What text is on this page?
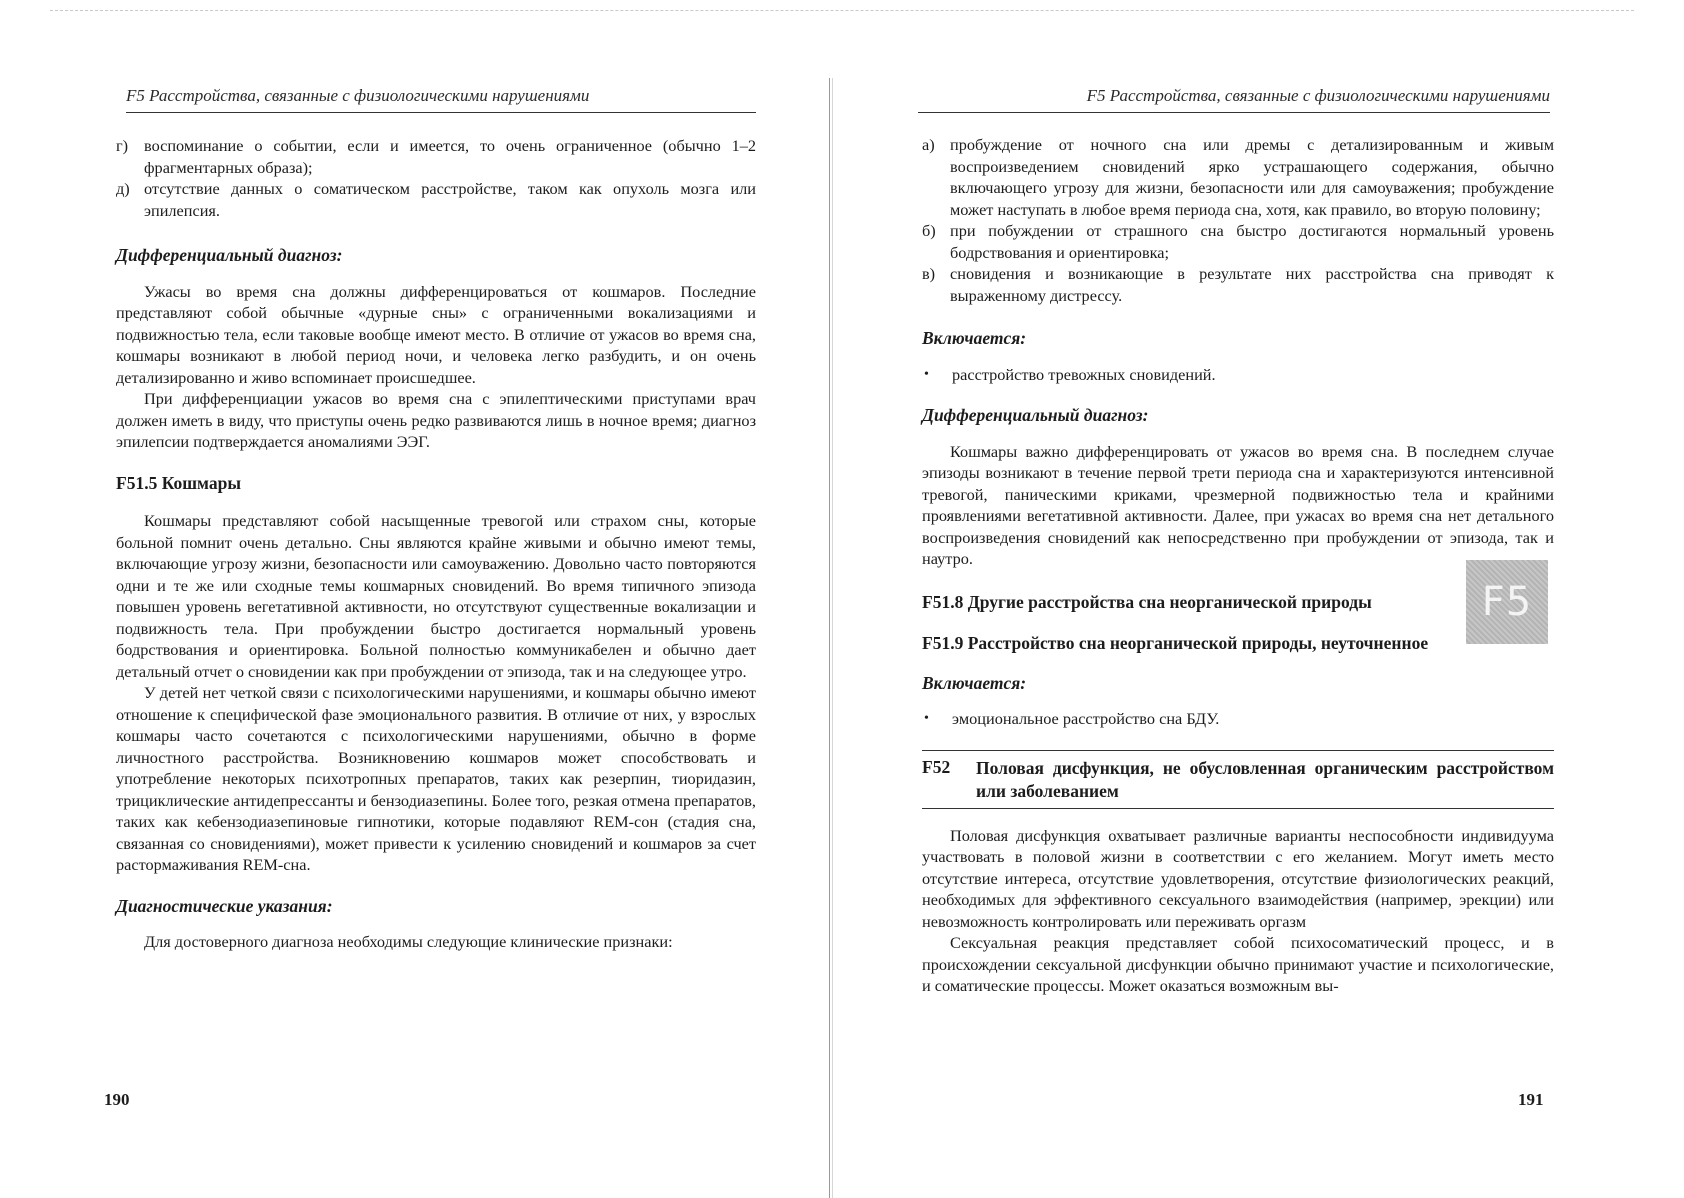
F5 Расстройства, связанные с физиологическими нарушениями
г) воспоминание о событии, если и имеется, то очень ограниченное (обычно 1–2 фрагментарных образа);
д) отсутствие данных о соматическом расстройстве, таком как опухоль мозга или эпилепсия.
Дифференциальный диагноз:

Ужасы во время сна должны дифференцироваться от кошмаров. Последние представляют собой обычные «дурные сны» с ограниченными вокализациями и подвижностью тела, если таковые вообще имеют место. В отличие от ужасов во время сна, кошмары возникают в любой период ночи, и человека легко разбудить, и он очень детализированно и живо вспоминает происшедшее.

При дифференциации ужасов во время сна с эпилептическими приступами врач должен иметь в виду, что приступы очень редко развиваются лишь в ночное время; диагноз эпилепсии подтверждается аномалиями ЭЭГ.

F51.5 Кошмары

Кошмары представляют собой насыщенные тревогой или страхом сны, которые больной помнит очень детально. Сны являются крайне живыми и обычно имеют темы, включающие угрозу жизни, безопасности или самоуважению. Довольно часто повторяются одни и те же или сходные темы кошмарных сновидений. Во время типичного эпизода повышен уровень вегетативной активности, но отсутствуют существенные вокализации и подвижность тела. При пробуждении быстро достигается нормальный уровень бодрствования и ориентировка. Больной полностью коммуникабелен и обычно дает детальный отчет о сновидении как при пробуждении от эпизода, так и на следующее утро.

У детей нет четкой связи с психологическими нарушениями, и кошмары обычно имеют отношение к специфической фазе эмоционального развития. В отличие от них, у взрослых кошмары часто сочетаются с психологическими нарушениями, обычно в форме личностного расстройства. Возникновению кошмаров может способствовать и употребление некоторых психотропных препаратов, таких как резерпин, тиоридазин, трициклические антидепрессанты и бензодиазепины. Более того, резкая отмена препаратов, таких как кебензодиазепиновые гипнотики, которые подавляют REM-сон (стадия сна, связанная со сновидениями), может привести к усилению сновидений и кошмаров за счет растормаживания REM-сна.

Диагностические указания:

Для достоверного диагноза необходимы следующие клинические признаки:

190
F5 Расстройства, связанные с физиологическими нарушениями
а) пробуждение от ночного сна или дремы с детализированным и живым воспроизведением сновидений ярко устрашающего содержания, обычно включающего угрозу для жизни, безопасности или для самоуважения; пробуждение может наступать в любое время периода сна, хотя, как правило, во вторую половину;
б) при побуждении от страшного сна быстро достигаются нормальный уровень бодрствования и ориентировка;
в) сновидения и возникающие в результате них расстройства сна приводят к выраженному дистрессу.
Включается:
•	расстройство тревожных сновидений.
Дифференциальный диагноз:

Кошмары важно дифференцировать от ужасов во время сна. В последнем случае эпизоды возникают в течение первой трети периода сна и характеризуются интенсивной тревогой, паническими криками, чрезмерной подвижностью тела и крайними проявлениями вегетативной активности. Далее, при ужасах во время сна нет детального воспроизведения сновидений как непосредственно при пробуждении от эпизода, так и наутро.

F51.8 Другие расстройства сна неорганической природы
F51.9 Расстройство сна неорганической природы, неуточненное
Включается:
•	эмоциональное расстройство сна БДУ.
F52	Половая дисфункция, не обусловленная органическим расстройством или заболеванием

Половая дисфункция охватывает различные варианты неспособности индивидуума участвовать в половой жизни в соответствии с его желанием. Могут иметь место отсутствие интереса, отсутствие удовлетворения, отсутствие физиологических реакций, необходимых для эффективного сексуального взаимодействия (например, эрекции) или невозможность контролировать или переживать оргазм

Сексуальная реакция представляет собой психосоматический процесс, и в происхождении сексуальной дисфункции обычно принимают участие и психологические, и соматические процессы. Может оказаться возможным вы-

F5
191
